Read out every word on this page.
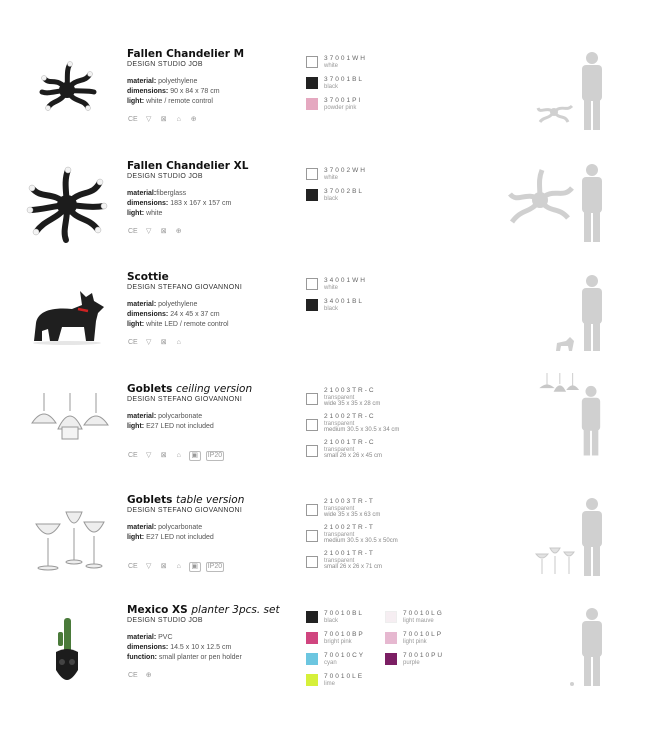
Fallen Chandelier M
DESIGN STUDIO JOB
material: polyethylene
dimensions: 90 x 84 x 78 cm
light: white / remote control
CE	▽	⊠	⌂	⊕
37001WH
white
37001BL
black
37001PI
powder pink
Fallen Chandelier XL
DESIGN STUDIO JOB
material:fiberglass
dimensions: 183 x 167 x 157 cm
light: white
CE	▽	⊠ ⊕
37002WH
white
37002BL
black
Scottie
DESIGN STEFANO GIOVANNONI
material: polyethylene
dimensions: 24 x 45 x 37 cm
light: white LED / remote control
CE	▽	⊠	⌂
34001WH
white
34001BL
black
Goblets ceiling version
DESIGN STEFANO GIOVANNONI
material: polycarbonate
light: E27 LED not included
CE	▽	⊠	⌂	▣	IP20
21003TR-C
transparent
wide 35 x 35 x 28 cm
21002TR-C
transparent
medium 30.5 x 30.5 x 34 cm
21001TR-C
transparent
small 26 x 26 x 45 cm
Goblets table version
DESIGN STEFANO GIOVANNONI
material: polycarbonate
light: E27 LED not included
CE	▽	⊠	⌂	▣	IP20
21003TR-T
transparent
wide 35 x 35 x 63 cm
21002TR-T
transparent
medium 30.5 x 30.5 x 50cm
21001TR-T
transparent
small 26 x 26 x 71 cm
Mexico XS planter 3pcs. set
DESIGN STUDIO JOB
material: PVC
dimensions: 14.5 x 10 x 12.5 cm
function: small planter or pen holder
CE ⊕
70010BL
black
70010BP
bright pink
70010CY
cyan
70010LE
lime
70010LG
light mauve
70010LP
light pink
70010PU
purple
